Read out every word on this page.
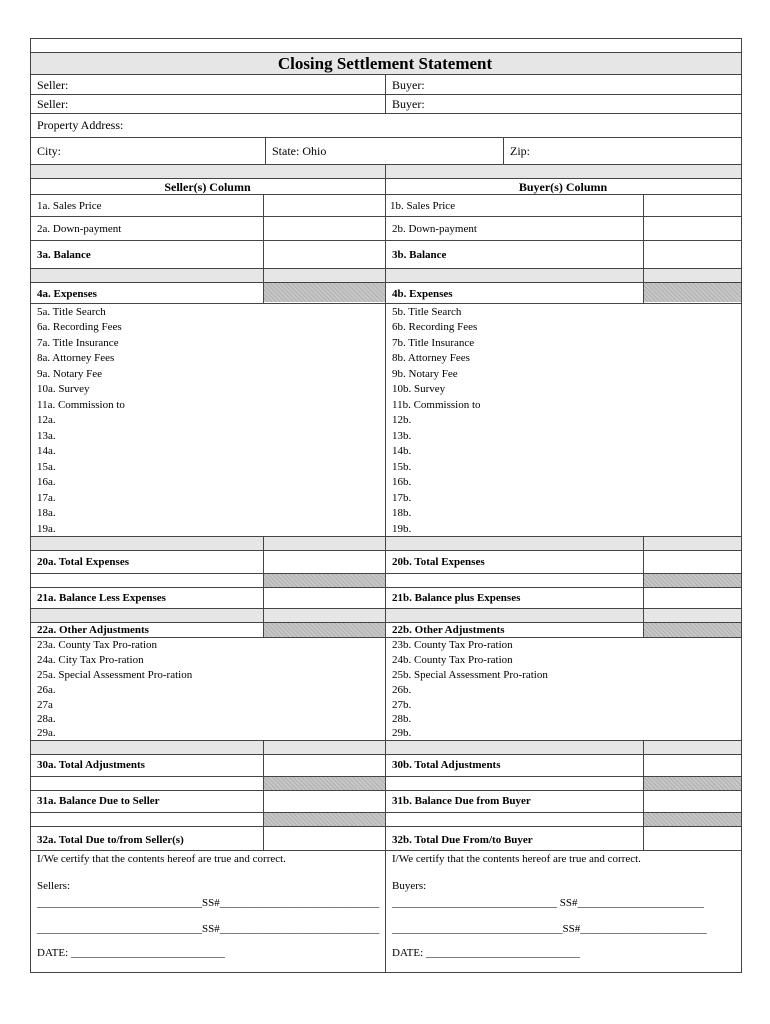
Closing Settlement Statement
Seller:	Buyer:
Seller:	Buyer:
Property Address:
City:	State: Ohio	Zip:
Seller(s) Column	Buyer(s) Column
1a. Sales Price	1b. Sales Price
2a. Down-payment	2b. Down-payment
3a. Balance	3b. Balance
4a. Expenses	4b. Expenses
5a. Title Search	5b. Title Search
6a. Recording Fees	6b. Recording Fees
7a. Title Insurance	7b. Title Insurance
8a. Attorney Fees	8b. Attorney Fees
9a. Notary Fee	9b. Notary Fee
10a. Survey	10b. Survey
11a. Commission to	11b. Commission to
12a.	12b.
13a.	13b.
14a.	14b.
15a.	15b.
16a.	16b.
17a.	17b.
18a.	18b.
19a.	19b.
20a. Total Expenses	20b. Total Expenses
21a. Balance Less Expenses	21b. Balance plus Expenses
22a. Other Adjustments	22b. Other Adjustments
23a. County Tax Pro-ration	23b. County Tax Pro-ration
24a. City Tax Pro-ration	24b. County Tax Pro-ration
25a. Special Assessment Pro-ration	25b. Special Assessment Pro-ration
26a.	26b.
27a	27b.
28a.	28b.
29a.	29b.
30a. Total Adjustments	30b. Total Adjustments
31a. Balance Due to Seller	31b. Balance Due from Buyer
32a. Total Due to/from Seller(s)	32b. Total Due From/to Buyer
I/We certify that the contents hereof are true and correct.	I/We certify that the contents hereof are true and correct.
Sellers:	Buyers:
______________________________SS#_____________________________ ______________________________ SS#_______________________
______________________________SS#_____________________________ _______________________________SS#_______________________
DATE: ____________________________	DATE: ____________________________
